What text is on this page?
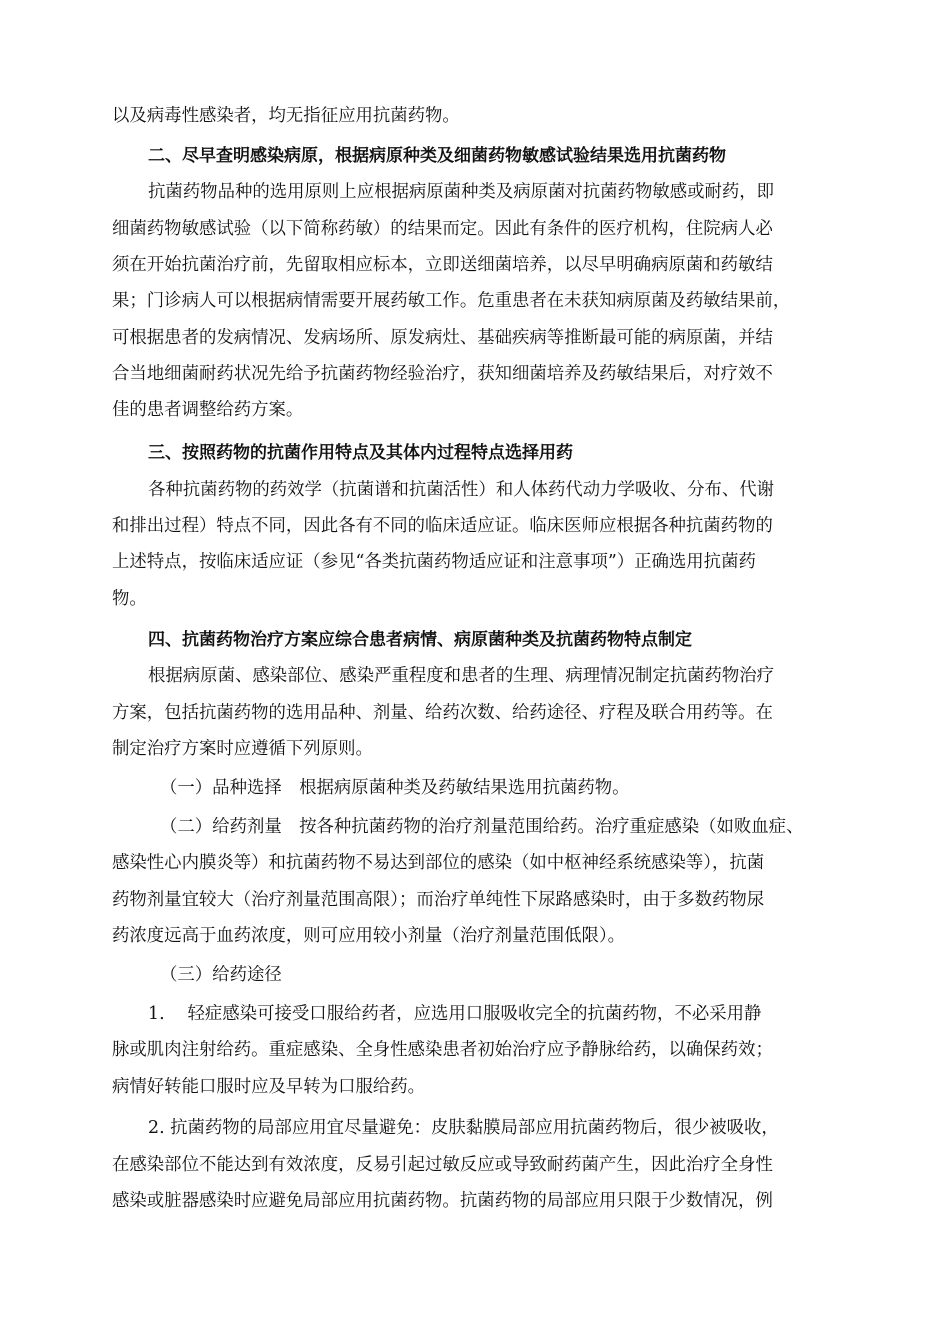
以及病毒性感染者，均无指征应用抗菌药物。
二、尽早查明感染病原，根据病原种类及细菌药物敏感试验结果选用抗菌药物
抗菌药物品种的选用原则上应根据病原菌种类及病原菌对抗菌药物敏感或耐药，即
细菌药物敏感试验（以下简称药敏）的结果而定。因此有条件的医疗机构，住院病人必
须在开始抗菌治疗前，先留取相应标本，立即送细菌培养，以尽早明确病原菌和药敏结
果；门诊病人可以根据病情需要开展药敏工作。危重患者在未获知病原菌及药敏结果前，
可根据患者的发病情况、发病场所、原发病灶、基础疾病等推断最可能的病原菌，并结
合当地细菌耐药状况先给予抗菌药物经验治疗，获知细菌培养及药敏结果后，对疗效不
佳的患者调整给药方案。
三、按照药物的抗菌作用特点及其体内过程特点选择用药
各种抗菌药物的药效学（抗菌谱和抗菌活性）和人体药代动力学吸收、分布、代谢
和排出过程）特点不同，因此各有不同的临床适应证。临床医师应根据各种抗菌药物的
上述特点，按临床适应证（参见“各类抗菌药物适应证和注意事项”）正确选用抗菌药
物。
四、抗菌药物治疗方案应综合患者病情、病原菌种类及抗菌药物特点制定
根据病原菌、感染部位、感染严重程度和患者的生理、病理情况制定抗菌药物治疗
方案，包括抗菌药物的选用品种、剂量、给药次数、给药途径、疗程及联合用药等。在
制定治疗方案时应遵循下列原则。
（一）品种选择　根据病原菌种类及药敏结果选用抗菌药物。
（二）给药剂量　按各种抗菌药物的治疗剂量范围给药。治疗重症感染（如败血症、
感染性心内膜炎等）和抗菌药物不易达到部位的感染（如中枢神经系统感染等），抗菌
药物剂量宜较大（治疗剂量范围高限）；而治疗单纯性下尿路感染时，由于多数药物尿
药浓度远高于血药浓度，则可应用较小剂量（治疗剂量范围低限）。
（三）给药途径
1.　 轻症感染可接受口服给药者，应选用口服吸收完全的抗菌药物，不必采用静
脉或肌肉注射给药。重症感染、全身性感染患者初始治疗应予静脉给药，以确保药效；
病情好转能口服时应及早转为口服给药。
2. 抗菌药物的局部应用宜尽量避免：皮肤黏膜局部应用抗菌药物后，很少被吸收，
在感染部位不能达到有效浓度，反易引起过敏反应或导致耐药菌产生，因此治疗全身性
感染或脏器感染时应避免局部应用抗菌药物。抗菌药物的局部应用只限于少数情况，例
